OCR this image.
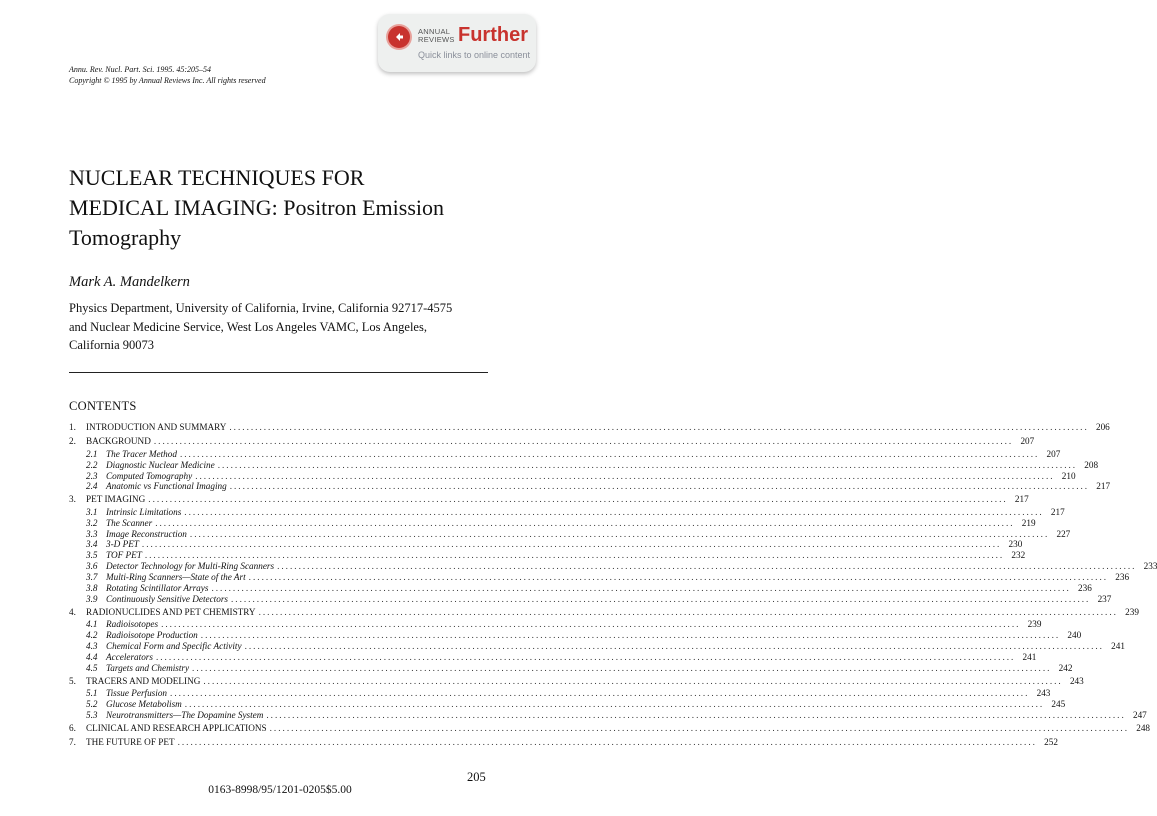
ANNUAL
REVIEWS Further
Quick links to online content
Annu. Rev. Nucl. Part. Sci. 1995. 45:205–54
Copyright © 1995 by Annual Reviews Inc. All rights reserved
NUCLEAR TECHNIQUES FOR
MEDICAL IMAGING: Positron Emission
Tomography
Mark A. Mandelkern
Physics Department, University of California, Irvine, California 92717-4575
and Nuclear Medicine Service, West Los Angeles VAMC, Los Angeles,
California 90073
CONTENTS
1.	INTRODUCTION AND SUMMARY ........................................................................................................................................................................................................ 206
2.	BACKGROUND ........................................................................................................................................................................................................ 207
2.1 The Tracer Method ........................................................................................................................................................................................................ 207
2.2 Diagnostic Nuclear Medicine ........................................................................................................................................................................................................ 208
2.3 Computed Tomography ........................................................................................................................................................................................................ 210
2.4 Anatomic vs Functional Imaging ........................................................................................................................................................................................................ 217
3.	PET IMAGING ........................................................................................................................................................................................................ 217
3.1 Intrinsic Limitations ........................................................................................................................................................................................................ 217
3.2 The Scanner ........................................................................................................................................................................................................ 219
3.3 Image Reconstruction ........................................................................................................................................................................................................ 227
3.4 3-D PET ........................................................................................................................................................................................................ 230
3.5 TOF PET ........................................................................................................................................................................................................ 232
3.6 Detector Technology for Multi-Ring Scanners ........................................................................................................................................................................................................ 233
3.7 Multi-Ring Scanners—State of the Art ........................................................................................................................................................................................................ 236
3.8 Rotating Scintillator Arrays ........................................................................................................................................................................................................ 236
3.9 Continuously Sensitive Detectors ........................................................................................................................................................................................................ 237
4.	RADIONUCLIDES AND PET CHEMISTRY ........................................................................................................................................................................................................ 239
4.1 Radioisotopes ........................................................................................................................................................................................................ 239
4.2 Radioisotope Production ........................................................................................................................................................................................................ 240
4.3 Chemical Form and Specific Activity ........................................................................................................................................................................................................ 241
4.4 Accelerators ........................................................................................................................................................................................................ 241
4.5 Targets and Chemistry ........................................................................................................................................................................................................ 242
5.	TRACERS AND MODELING ........................................................................................................................................................................................................ 243
5.1 Tissue Perfusion ........................................................................................................................................................................................................ 243
5.2 Glucose Metabolism ........................................................................................................................................................................................................ 245
5.3 Neurotransmitters—The Dopamine System ........................................................................................................................................................................................................ 247
6.	CLINICAL AND RESEARCH APPLICATIONS ........................................................................................................................................................................................................ 248
7.	THE FUTURE OF PET ........................................................................................................................................................................................................ 252
205
0163-8998/95/1201-0205$5.00
